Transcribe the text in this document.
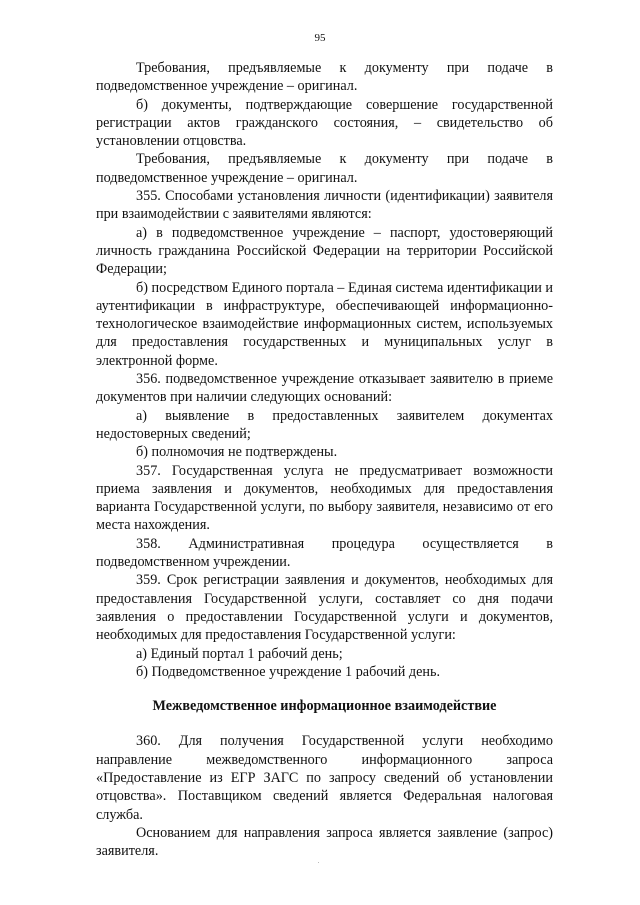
95

Требования, предъявляемые к документу при подаче в подведомственное учреждение – оригинал.

б) документы, подтверждающие совершение государственной регистрации актов гражданского состояния, – свидетельство об установлении отцовства.

Требования, предъявляемые к документу при подаче в подведомственное учреждение – оригинал.

355. Способами установления личности (идентификации) заявителя при взаимодействии с заявителями являются:

а) в подведомственное учреждение – паспорт, удостоверяющий личность гражданина Российской Федерации на территории Российской Федерации;

б) посредством Единого портала – Единая система идентификации и аутентификации в инфраструктуре, обеспечивающей информационно-технологическое взаимодействие информационных систем, используемых для предоставления государственных и муниципальных услуг в электронной форме.

356. подведомственное учреждение отказывает заявителю в приеме документов при наличии следующих оснований:

а) выявление в предоставленных заявителем документах недостоверных сведений;

б) полномочия не подтверждены.

357. Государственная услуга не предусматривает возможности приема заявления и документов, необходимых для предоставления варианта Государственной услуги, по выбору заявителя, независимо от его места нахождения.

358. Административная процедура осуществляется в подведомственном учреждении.

359. Срок регистрации заявления и документов, необходимых для предоставления Государственной услуги, составляет со дня подачи заявления о предоставлении Государственной услуги и документов, необходимых для предоставления Государственной услуги:

а) Единый портал 1 рабочий день;

б) Подведомственное учреждение 1 рабочий день.

Межведомственное информационное взаимодействие

360. Для получения Государственной услуги необходимо направление межведомственного информационного запроса «Предоставление из ЕГР ЗАГС по запросу сведений об установлении отцовства». Поставщиком сведений является Федеральная налоговая служба.

Основанием для направления запроса является заявление (запрос) заявителя.
